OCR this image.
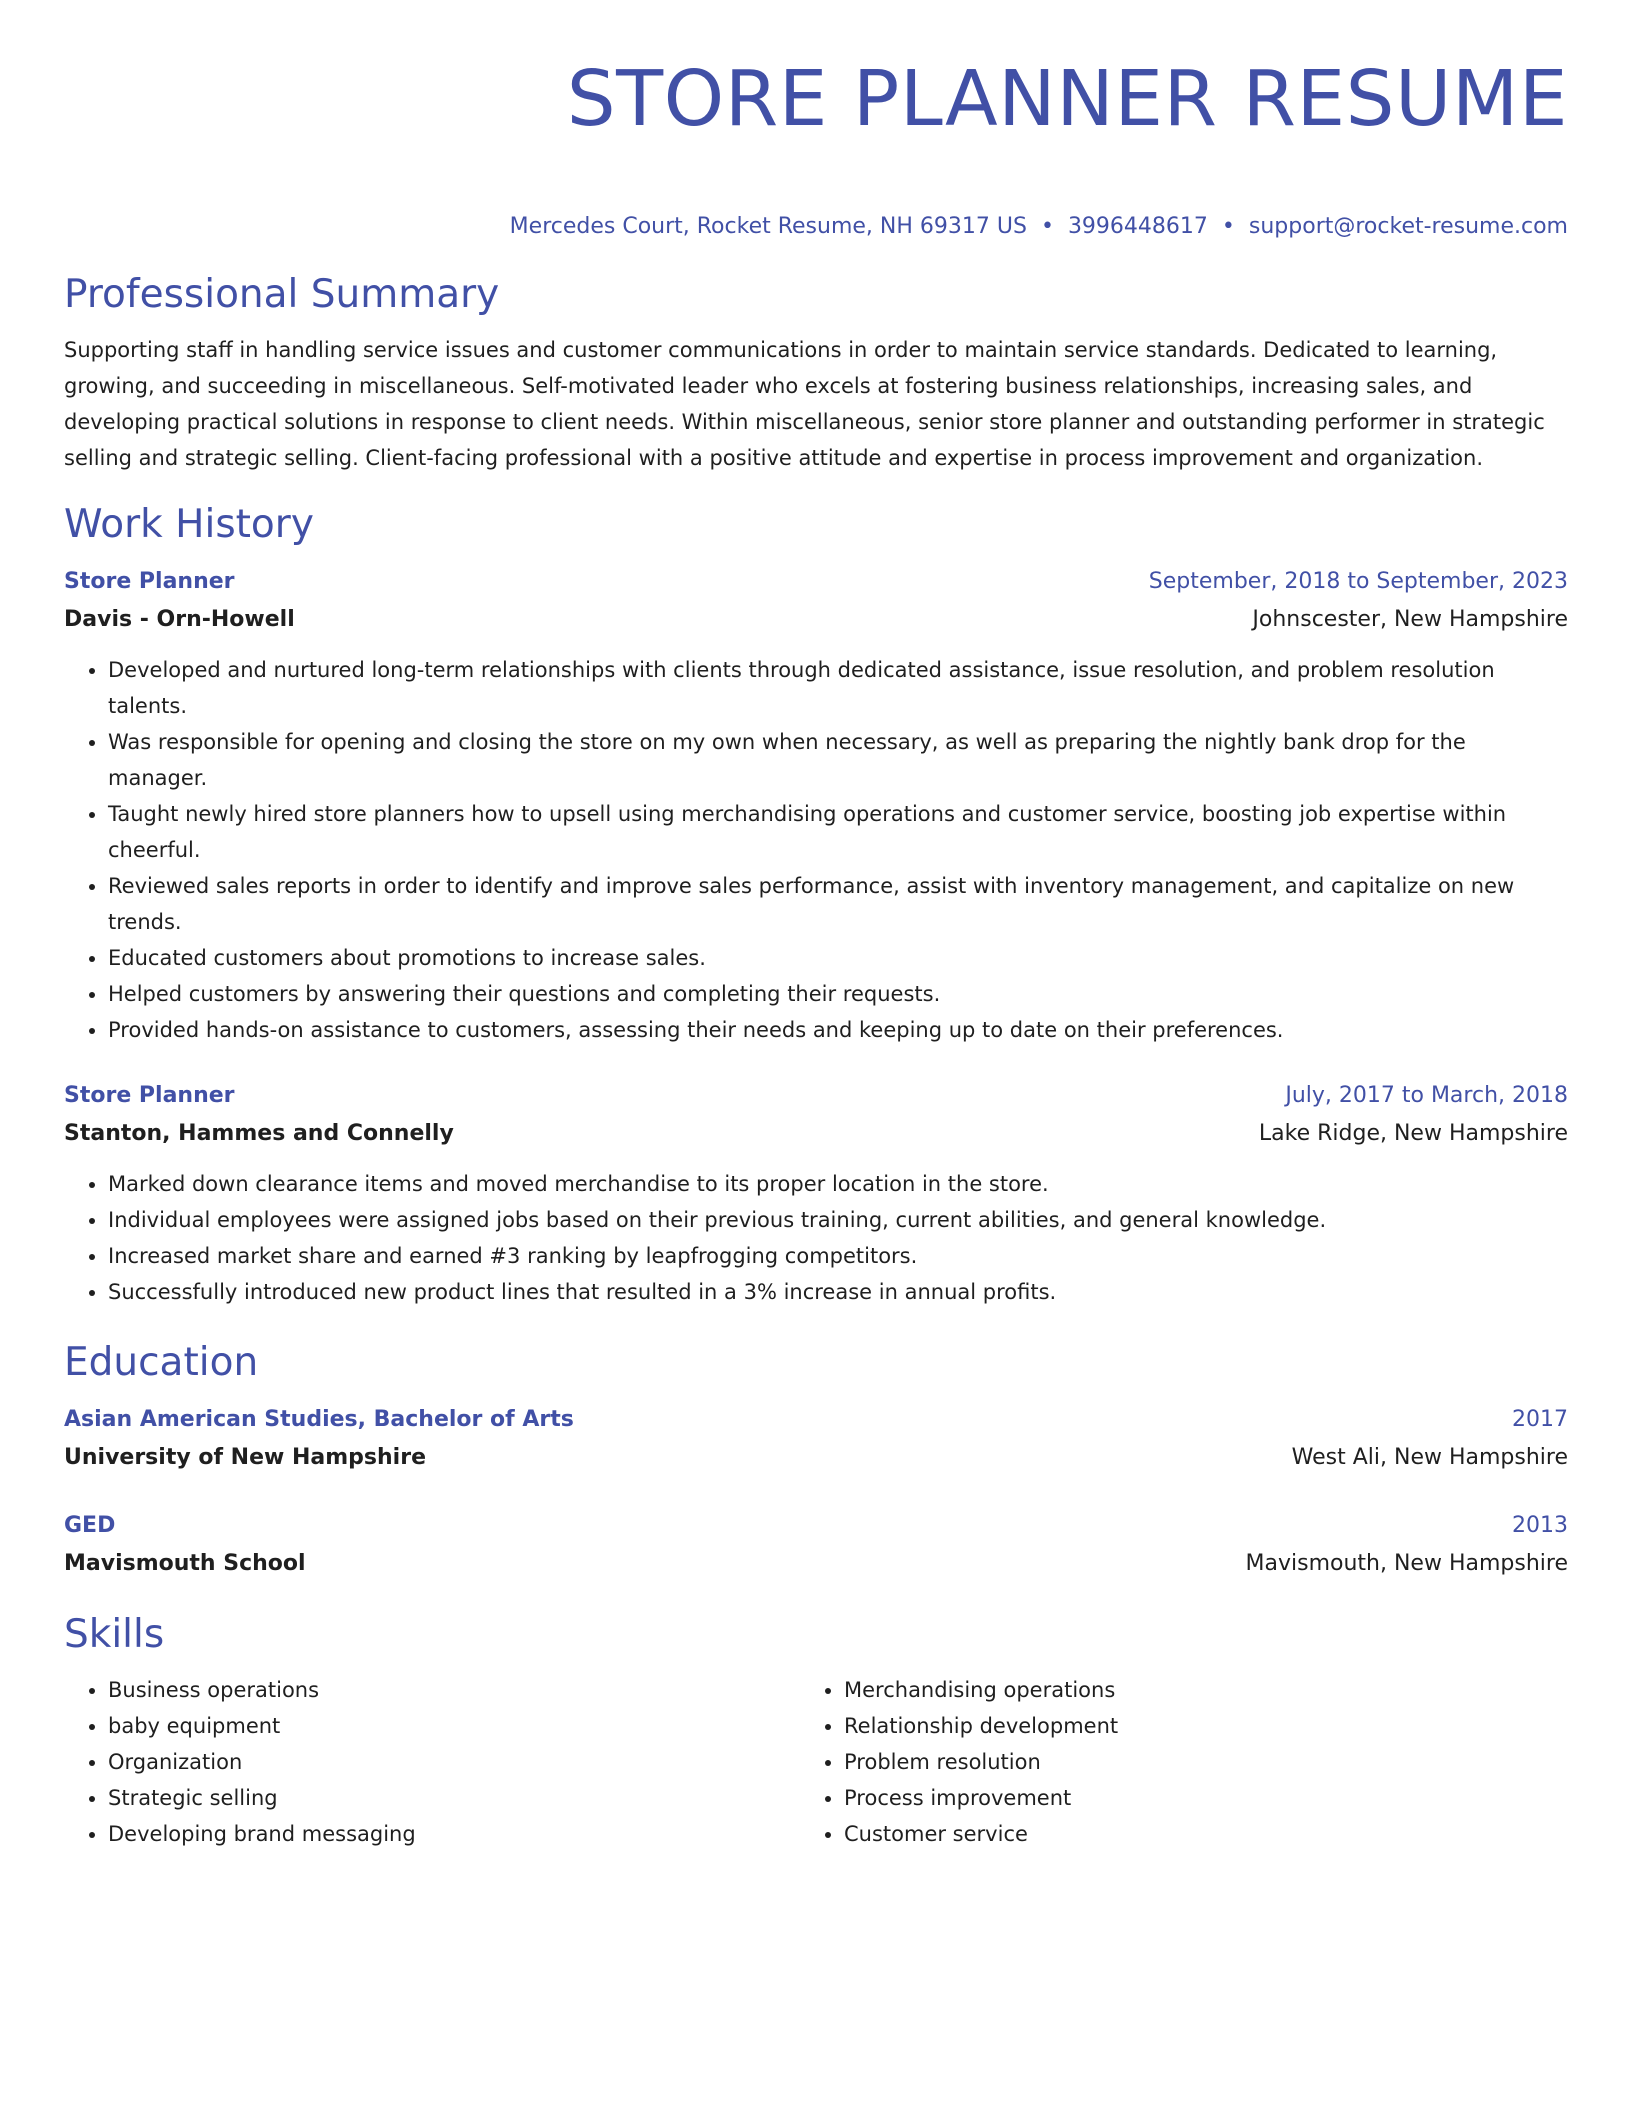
STORE PLANNER RESUME
Mercedes Court, Rocket Resume, NH 69317 US • 3996448617 • support@rocket-resume.com
Professional Summary

Supporting staff in handling service issues and customer communications in order to maintain service standards. Dedicated to learning, growing, and succeeding in miscellaneous. Self-motivated leader who excels at fostering business relationships, increasing sales, and developing practical solutions in response to client needs. Within miscellaneous, senior store planner and outstanding performer in strategic selling and strategic selling. Client-facing professional with a positive attitude and expertise in process improvement and organization.

Work History
Store Planner	September, 2018 to September, 2023
Davis - Orn-Howell	Johnscester, New Hampshire
• Developed and nurtured long-term relationships with clients through dedicated assistance, issue resolution, and problem resolution talents.
• Was responsible for opening and closing the store on my own when necessary, as well as preparing the nightly bank drop for the manager.
• Taught newly hired store planners how to upsell using merchandising operations and customer service, boosting job expertise within cheerful.
• Reviewed sales reports in order to identify and improve sales performance, assist with inventory management, and capitalize on new trends.
• Educated customers about promotions to increase sales.
• Helped customers by answering their questions and completing their requests.
• Provided hands-on assistance to customers, assessing their needs and keeping up to date on their preferences.
Store Planner	July, 2017 to March, 2018
Stanton, Hammes and Connelly	Lake Ridge, New Hampshire
• Marked down clearance items and moved merchandise to its proper location in the store.
• Individual employees were assigned jobs based on their previous training, current abilities, and general knowledge.
• Increased market share and earned #3 ranking by leapfrogging competitors.
• Successfully introduced new product lines that resulted in a 3% increase in annual profits.
Education
Asian American Studies, Bachelor of Arts	2017
University of New Hampshire	West Ali, New Hampshire
GED	2013
Mavismouth School	Mavismouth, New Hampshire
Skills
• Business operations
• baby equipment
• Organization
• Strategic selling
• Developing brand messaging
• Merchandising operations
• Relationship development
• Problem resolution
• Process improvement
• Customer service
